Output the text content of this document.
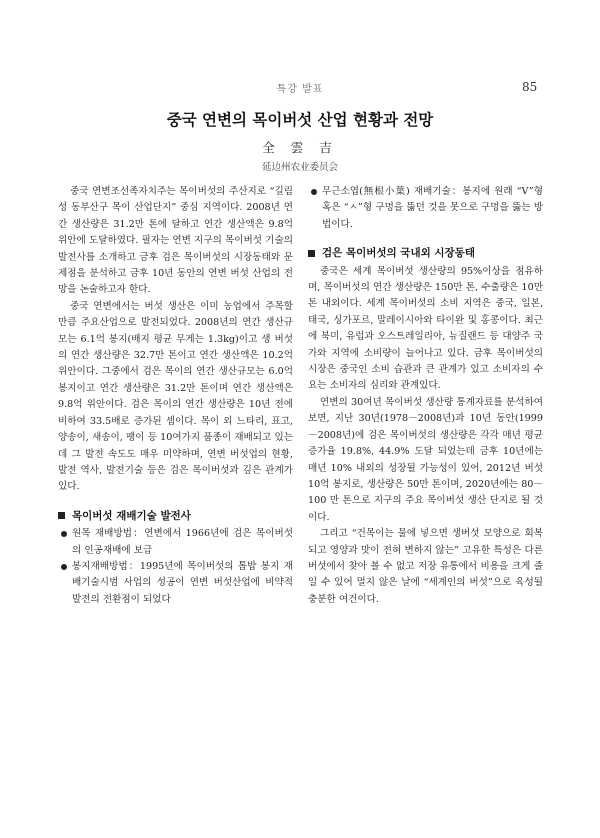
특강 발표	85
중국 연변의 목이버섯 산업 현황과 전망
全 雲 吉
延边州农业委员会

중국 연변조선족자치주는 목이버섯의 주산지로 “길림성 동부산구 목이 산업단지” 중심 지역이다. 2008년 연간 생산량은 31.2만 톤에 달하고 연간 생산액은 9.8억 위안에 도달하였다. 필자는 연변 지구의 목이버섯 기술의 발전사를 소개하고 금후 검은 목이버섯의 시장동태와 문제점을 분석하고 금후 10년 동안의 연변 버섯 산업의 전망을 논술하고자 한다.

중국 연변에서는 버섯 생산은 이미 농업에서 주목할 만큼 주요산업으로 발전되었다. 2008년의 연간 생산규모는 6.1억 봉지(배지 평균 무게는 1.3kg)이고 생 버섯의 연간 생산량은 32.7만 톤이고 연간 생산액은 10.2억 위안이다. 그중에서 검은 목이의 연간 생산규모는 6.0억 봉지이고 연간 생산량은 31.2만 톤이며 연간 생산액은 9.8억 위안이다. 검은 목이의 연간 생산량은 10년 전에 비하여 33.5배로 증가된 셈이다. 목이 외 느타리, 표고, 양송이, 새송이, 팽이 등 10여가지 품종이 재배되고 있는데 그 발전 속도도 매우 미약하며, 연변 버섯업의 현황, 발전 역사, 발전기술 등은 검은 목이버섯과 깊은 관계가 있다.

목이버섯 재배기술 발전사
원목 재배방법：연변에서 1966년에 검은 목이버섯의 인공재배에 보급
봉지재배방법：1995년에 목이버섯의 톱밥 봉지 재배기술시범 사업의 성공이 연변 버섯산업에 비약적 발전의 전환점이 되었다
무근소엽(無根小葉) 재배기술：봉지에 원래 “V”형 혹은 “ㅅ”형 구멍을 뚫던 것을 못으로 구멍을 뚫는 방법이다.
검은 목이버섯의 국내외 시장동태

중국은 세계 목이버섯 생산량의 95%이상을 점유하며, 목이버섯의 연간 생산량은 150만 톤, 수출량은 10만 톤 내외이다. 세계 목이버섯의 소비 지역은 중국, 일본, 태국, 싱가포르, 말레이시아와 타이완 및 홍콩이다. 최근에 북미, 유럽과 오스트레일리아, 뉴질랜드 등 대양주 국가와 지역에 소비량이 늘어나고 있다. 금후 목이버섯의 시장은 중국인 소비 습관과 큰 관계가 있고 소비자의 수요는 소비자의 심리와 관계있다.

연변의 30여년 목이버섯 생산량 통계자료를 분석하여 보면, 지난 30년(1978－2008년)과 10년 동안(1999－2008년)에 검은 목이버섯의 생산량은 각각 매년 평균 증가율 19.8%, 44.9% 도달 되었는데 금후 10년에는 매년 10% 내외의 성장될 가능성이 있어, 2012년 버섯 10억 봉지로, 생산량은 50만 톤이며, 2020년에는 80－100 만 톤으로 지구의 주요 목이버섯 생산 단지로 될 것이다.

그리고 “건목이는 물에 넣으면 생버섯 모양으로 회복되고 영양과 맛이 전혀 변하지 않는” 고유한 특성은 다른 버섯에서 찾아 볼 수 없고 저장 유통에서 비용을 크게 줄일 수 있어 멀지 않은 날에 “세계인의 버섯”으로 육성될 충분한 여건이다.
